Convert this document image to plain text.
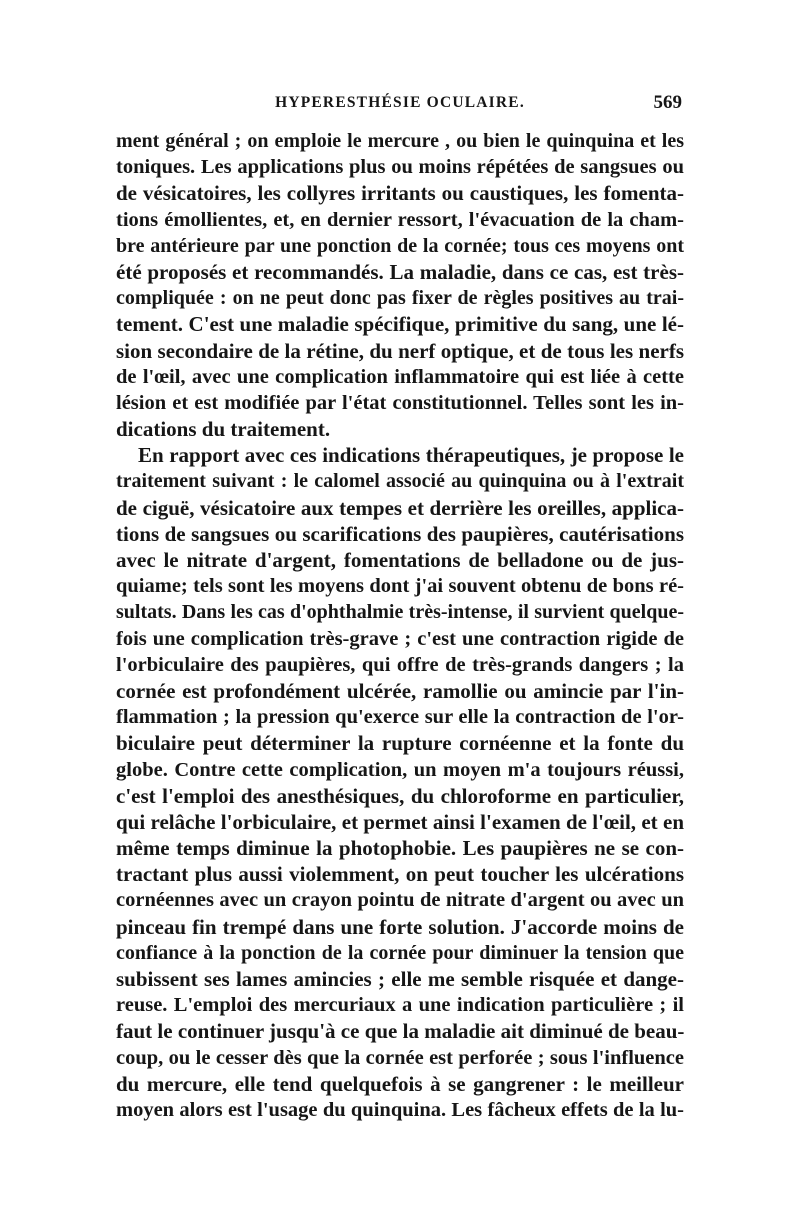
HYPERESTHÉSIE OCULAIRE.	569
ment général ; on emploie le mercure , ou bien le quinquina et les
toniques. Les applications plus ou moins répétées de sangsues ou
de vésicatoires, les collyres irritants ou caustiques, les fomenta-
tions émollientes, et, en dernier ressort, l'évacuation de la cham-
bre antérieure par une ponction de la cornée; tous ces moyens ont
été proposés et recommandés. La maladie, dans ce cas, est très-
compliquée : on ne peut donc pas fixer de règles positives au trai-
tement. C'est une maladie spécifique, primitive du sang, une lé-
sion secondaire de la rétine, du nerf optique, et de tous les nerfs
de l'œil, avec une complication inflammatoire qui est liée à cette
lésion et est modifiée par l'état constitutionnel. Telles sont les in-
dications du traitement.
En rapport avec ces indications thérapeutiques, je propose le
traitement suivant : le calomel associé au quinquina ou à l'extrait
de ciguë, vésicatoire aux tempes et derrière les oreilles, applica-
tions de sangsues ou scarifications des paupières, cautérisations
avec le nitrate d'argent, fomentations de belladone ou de jus-
quiame; tels sont les moyens dont j'ai souvent obtenu de bons ré-
sultats. Dans les cas d'ophthalmie très-intense, il survient quelque-
fois une complication très-grave ; c'est une contraction rigide de
l'orbiculaire des paupières, qui offre de très-grands dangers ; la
cornée est profondément ulcérée, ramollie ou amincie par l'in-
flammation ; la pression qu'exerce sur elle la contraction de l'or-
biculaire peut déterminer la rupture cornéenne et la fonte du
globe. Contre cette complication, un moyen m'a toujours réussi,
c'est l'emploi des anesthésiques, du chloroforme en particulier,
qui relâche l'orbiculaire, et permet ainsi l'examen de l'œil, et en
même temps diminue la photophobie. Les paupières ne se con-
tractant plus aussi violemment, on peut toucher les ulcérations
cornéennes avec un crayon pointu de nitrate d'argent ou avec un
pinceau fin trempé dans une forte solution. J'accorde moins de
confiance à la ponction de la cornée pour diminuer la tension que
subissent ses lames amincies ; elle me semble risquée et dange-
reuse. L'emploi des mercuriaux a une indication particulière ; il
faut le continuer jusqu'à ce que la maladie ait diminué de beau-
coup, ou le cesser dès que la cornée est perforée ; sous l'influence
du mercure, elle tend quelquefois à se gangrener : le meilleur
moyen alors est l'usage du quinquina. Les fâcheux effets de la lu-
